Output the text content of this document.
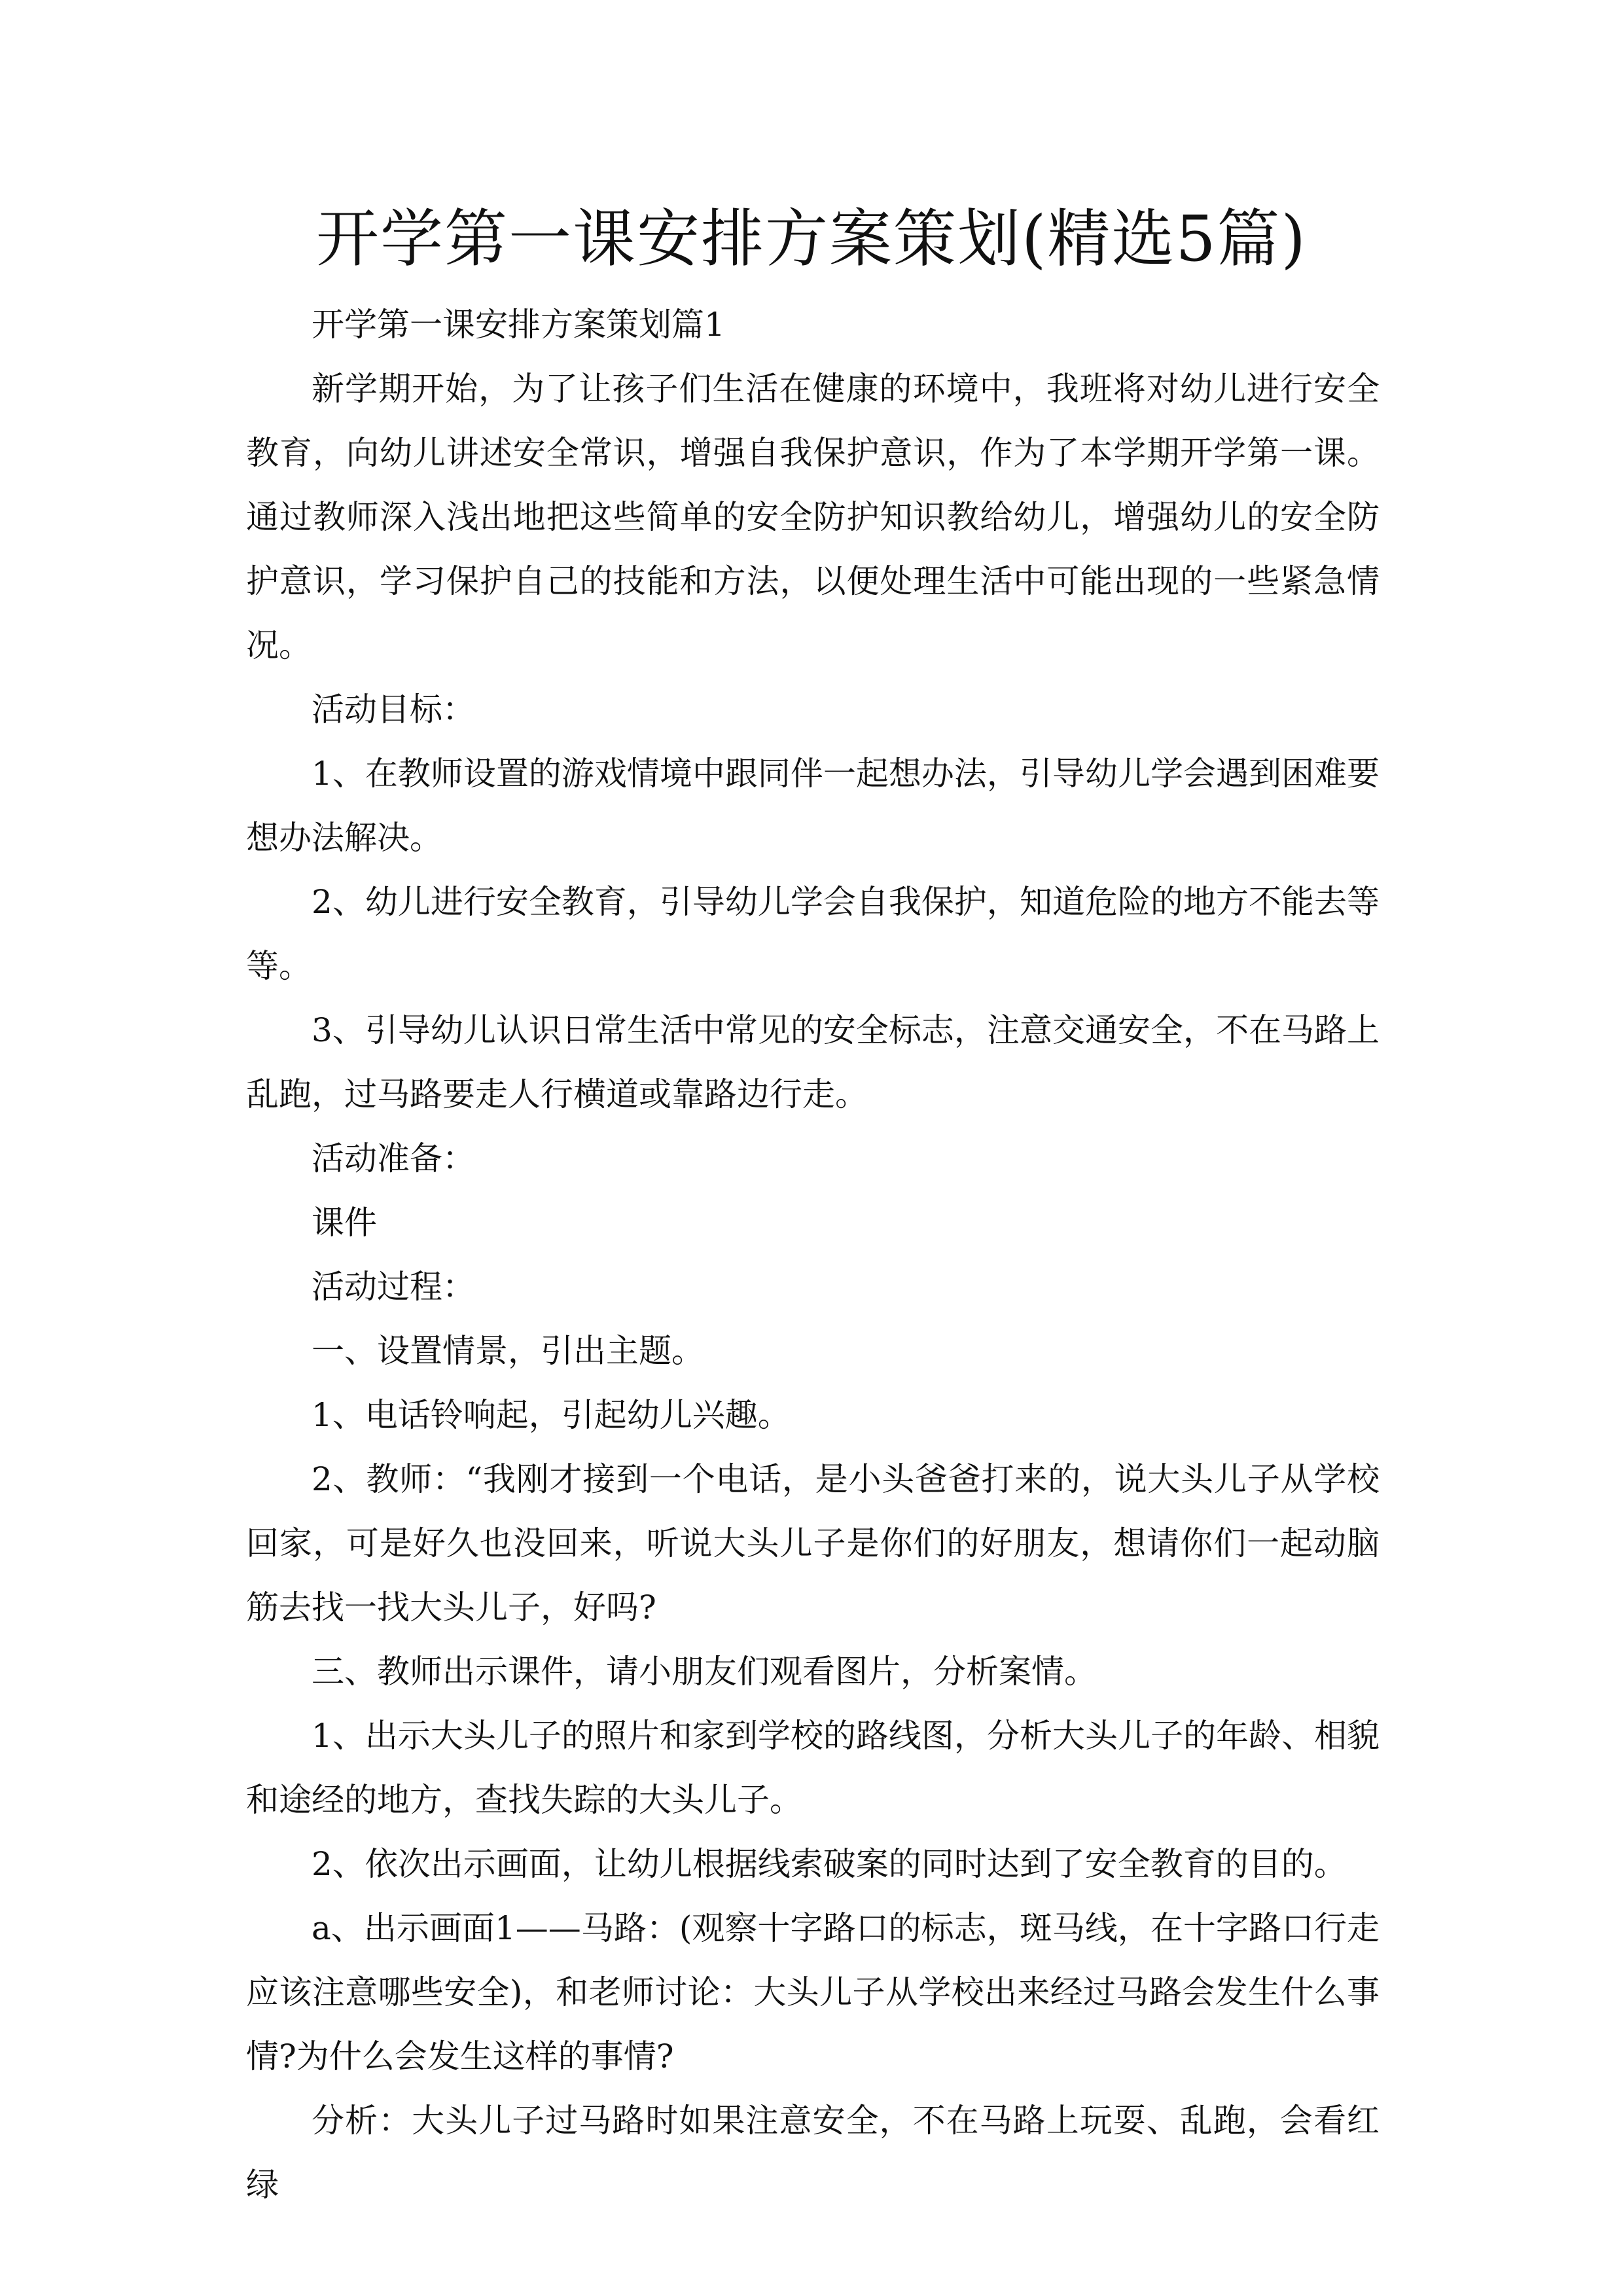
开学第一课安排方案策划(精选5篇)

开学第一课安排方案策划篇1

新学期开始，为了让孩子们生活在健康的环境中，我班将对幼儿进行安全教育，向幼儿讲述安全常识，增强自我保护意识，作为了本学期开学第一课。通过教师深入浅出地把这些简单的安全防护知识教给幼儿，增强幼儿的安全防护意识，学习保护自己的技能和方法，以便处理生活中可能出现的一些紧急情况。

活动目标：

1、在教师设置的游戏情境中跟同伴一起想办法，引导幼儿学会遇到困难要想办法解决。

2、幼儿进行安全教育，引导幼儿学会自我保护，知道危险的地方不能去等等。

3、引导幼儿认识日常生活中常见的安全标志，注意交通安全，不在马路上乱跑，过马路要走人行横道或靠路边行走。

活动准备：

课件

活动过程：

一、设置情景，引出主题。

1、电话铃响起，引起幼儿兴趣。

2、教师：“我刚才接到一个电话，是小头爸爸打来的，说大头儿子从学校回家，可是好久也没回来，听说大头儿子是你们的好朋友，想请你们一起动脑筋去找一找大头儿子，好吗?

三、教师出示课件，请小朋友们观看图片，分析案情。

1、出示大头儿子的照片和家到学校的路线图，分析大头儿子的年龄、相貌和途经的地方，查找失踪的大头儿子。

2、依次出示画面，让幼儿根据线索破案的同时达到了安全教育的目的。

a、出示画面1——马路：(观察十字路口的标志，斑马线，在十字路口行走应该注意哪些安全)，和老师讨论：大头儿子从学校出来经过马路会发生什么事情?为什么会发生这样的事情?

分析：大头儿子过马路时如果注意安全，不在马路上玩耍、乱跑，会看红绿
